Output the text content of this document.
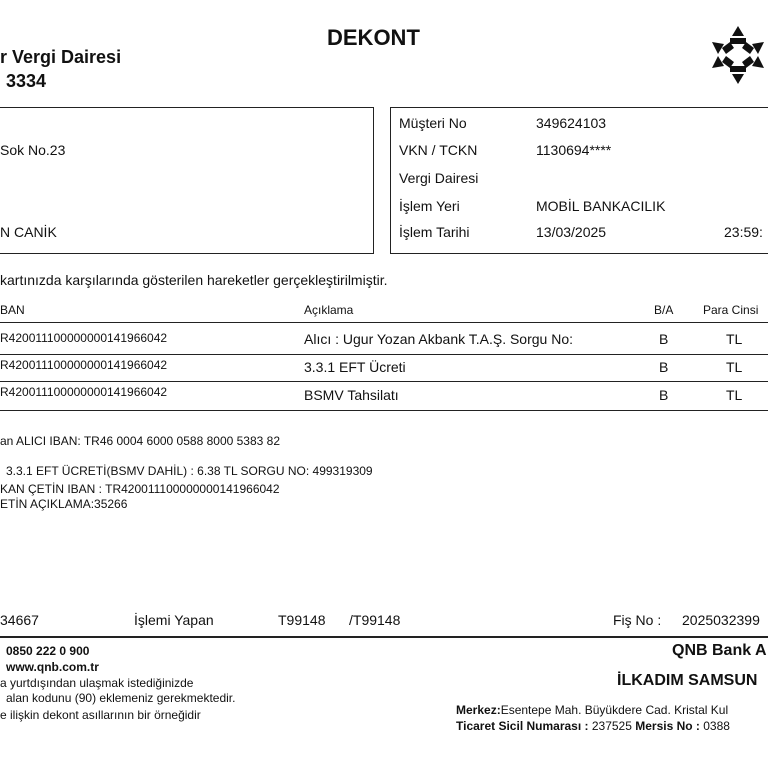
DEKONT
r Vergi Dairesi
3334
Sok No.23
N CANİK
Müşteri No	349624103
VKN / TCKN	1130694****
Vergi Dairesi
İşlem Yeri	MOBİL BANKACILIK
İşlem Tarihi	13/03/2025	23:59:
kartınızda karşılarında gösterilen hareketler gerçekleştirilmiştir.
BAN	Açıklama	B/A Para Cinsi
R420011100000000141966042	Alıcı : Ugur Yozan Akbank T.A.Ş. Sorgu No:	B	TL
R420011100000000141966042	3.3.1 EFT Ücreti	B	TL
R420011100000000141966042	BSMV Tahsilatı	B	TL
an ALICI IBAN: TR46 0004 6000 0588 8000 5383 82
3.3.1 EFT ÜCRETİ(BSMV DAHİL) : 6.38 TL SORGU NO: 499319309
KAN ÇETİN IBAN : TR420011100000000141966042
ETİN AÇIKLAMA:35266
34667	İşlemi Yapan	T99148 /T99148	Fiş No : 2025032399
0850 222 0 900
www.qnb.com.tr
a yurtdışından ulaşmak istediğinizde
alan kodunu (90) eklemeniz gerekmektedir.
e ilişkin dekont asıllarının bir örneğidir
QNB Bank A
İLKADIM SAMSUN
Merkez:Esentepe Mah. Büyükdere Cad. Kristal Kul
Ticaret Sicil Numarası : 237525 Mersis No : 0388
